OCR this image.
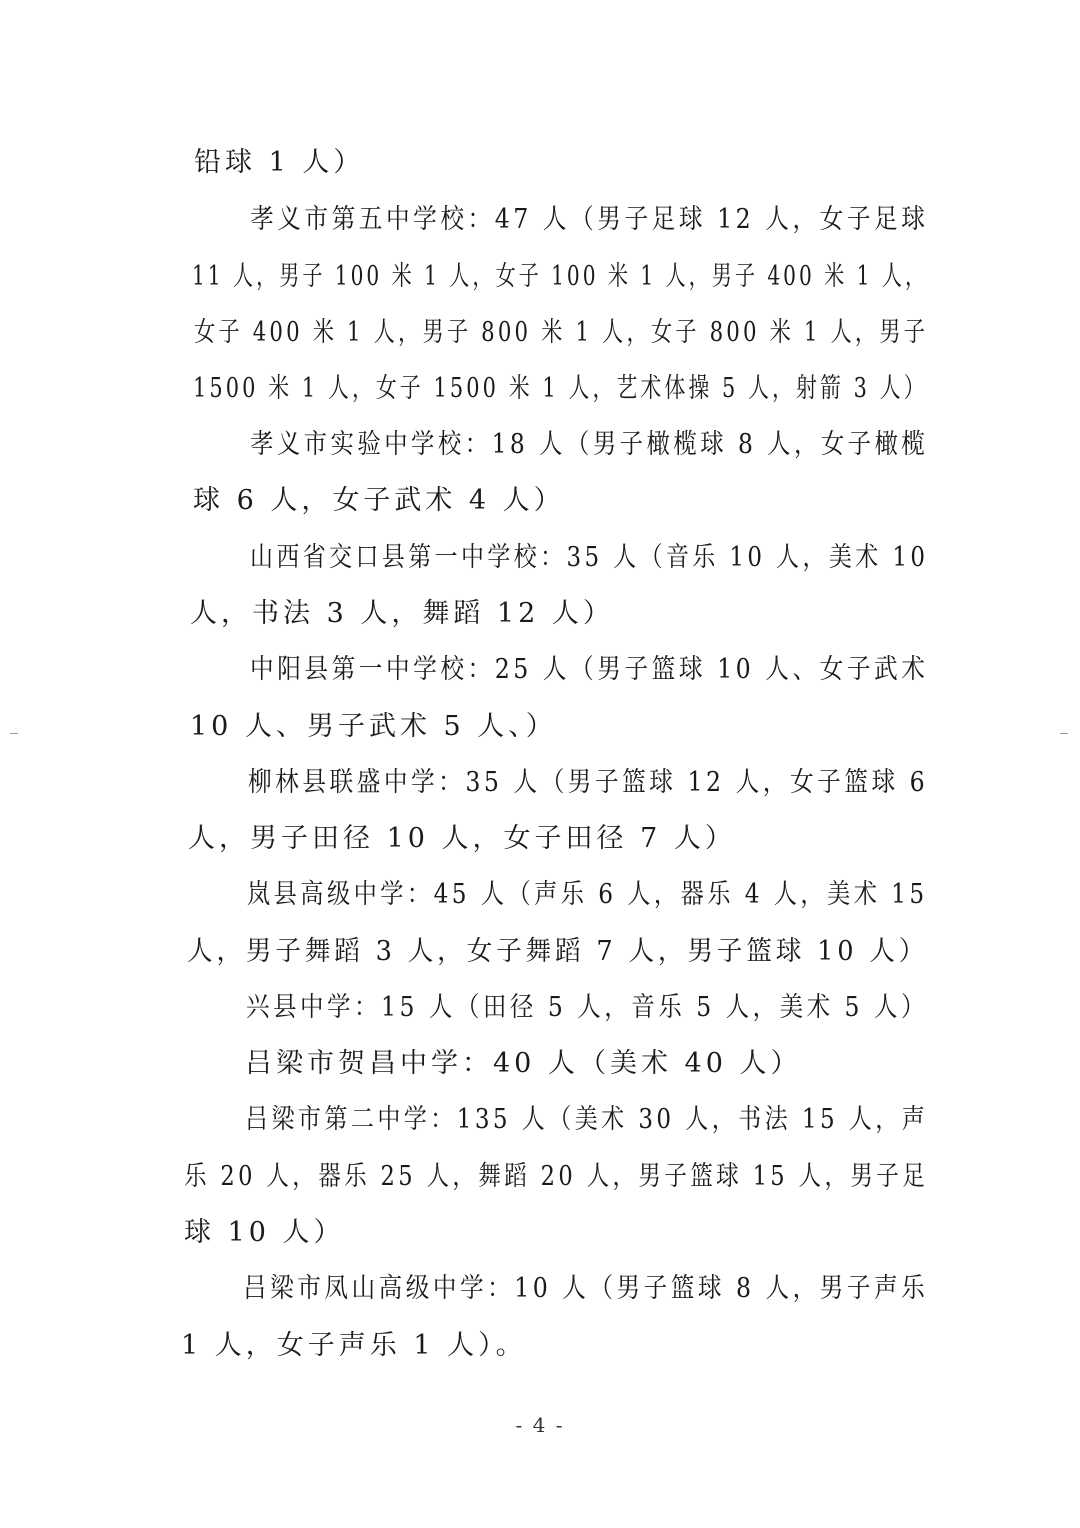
铅球 1 人）
孝义市第五中学校：47 人（男子足球 12 人，女子足球
11 人，男子 100 米 1 人，女子 100 米 1 人，男子 400 米 1 人，
女子 400 米 1 人，男子 800 米 1 人，女子 800 米 1 人，男子
1500 米 1 人，女子 1500 米 1 人，艺术体操 5 人，射箭 3 人）
孝义市实验中学校：18 人（男子橄榄球 8 人，女子橄榄
球 6 人，女子武术 4 人）
山西省交口县第一中学校：35 人（音乐 10 人，美术 10
人，书法 3 人，舞蹈 12 人）
中阳县第一中学校：25 人（男子篮球 10 人、女子武术
10 人、男子武术 5 人、）
柳林县联盛中学：35 人（男子篮球 12 人，女子篮球 6
人，男子田径 10 人，女子田径 7 人）
岚县高级中学：45 人（声乐 6 人，器乐 4 人，美术 15
人，男子舞蹈 3 人，女子舞蹈 7 人，男子篮球 10 人）
兴县中学：15 人（田径 5 人，音乐 5 人，美术 5 人）
吕梁市贺昌中学：40 人（美术 40 人）
吕梁市第二中学：135 人（美术 30 人，书法 15 人，声
乐 20 人，器乐 25 人，舞蹈 20 人，男子篮球 15 人，男子足
球 10 人）
吕梁市凤山高级中学：10 人（男子篮球 8 人，男子声乐
1 人，女子声乐 1 人）。
- 4 -
